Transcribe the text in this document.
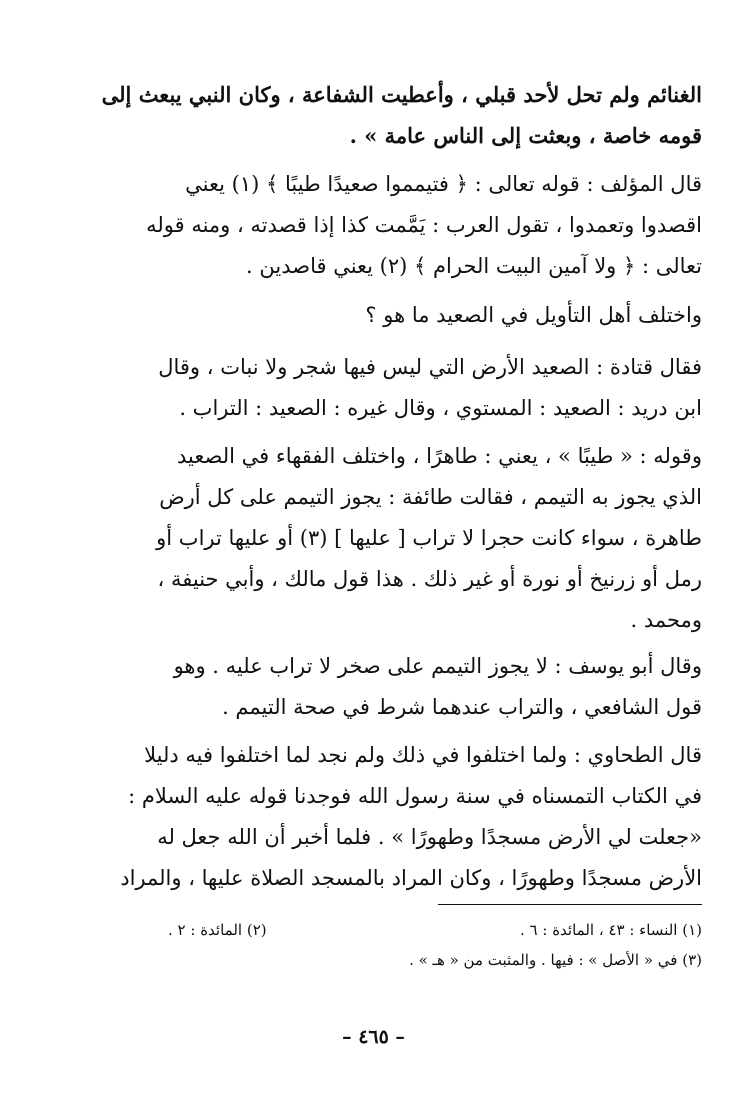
الغنائم ولم تحل لأحد قبلي ، وأعطيت الشفاعة ، وكان النبي يبعث إلى
قومه خاصة ، وبعثت إلى الناس عامة » .
قال المؤلف : قوله تعالى : ﴿ فتيمموا صعيدًا طيبًا ﴾ (١) يعني
اقصدوا وتعمدوا ، تقول العرب : يَمَّمت كذا إذا قصدته ، ومنه قوله
تعالى : ﴿ ولا آمين البيت الحرام ﴾ (٢) يعني قاصدين .
واختلف أهل التأويل في الصعيد ما هو ؟
فقال قتادة : الصعيد الأرض التي ليس فيها شجر ولا نبات ، وقال
ابن دريد : الصعيد : المستوي ، وقال غيره : الصعيد : التراب .
وقوله : « طيبًا » ، يعني : طاهرًا ، واختلف الفقهاء في الصعيد
الذي يجوز به التيمم ، فقالت طائفة : يجوز التيمم على كل أرض
طاهرة ، سواء كانت حجرا لا تراب [ عليها ] (٣) أو عليها تراب أو
رمل أو زرنيخ أو نورة أو غير ذلك . هذا قول مالك ، وأبي حنيفة ،
ومحمد .
وقال أبو يوسف : لا يجوز التيمم على صخر لا تراب عليه . وهو
قول الشافعي ، والتراب عندهما شرط في صحة التيمم .
قال الطحاوي : ولما اختلفوا في ذلك ولم نجد لما اختلفوا فيه دليلا
في الكتاب التمسناه في سنة رسول الله فوجدنا قوله عليه السلام :
«جعلت لي الأرض مسجدًا وطهورًا » . فلما أخبر أن الله جعل له
الأرض مسجدًا وطهورًا ، وكان المراد بالمسجد الصلاة عليها ، والمراد
(١) النساء : ٤٣ ، المائدة : ٦ .
(٢) المائدة : ٢ .
(٣) في « الأصل » : فيها . والمثبت من « هـ » .
– ٤٦٥ –
